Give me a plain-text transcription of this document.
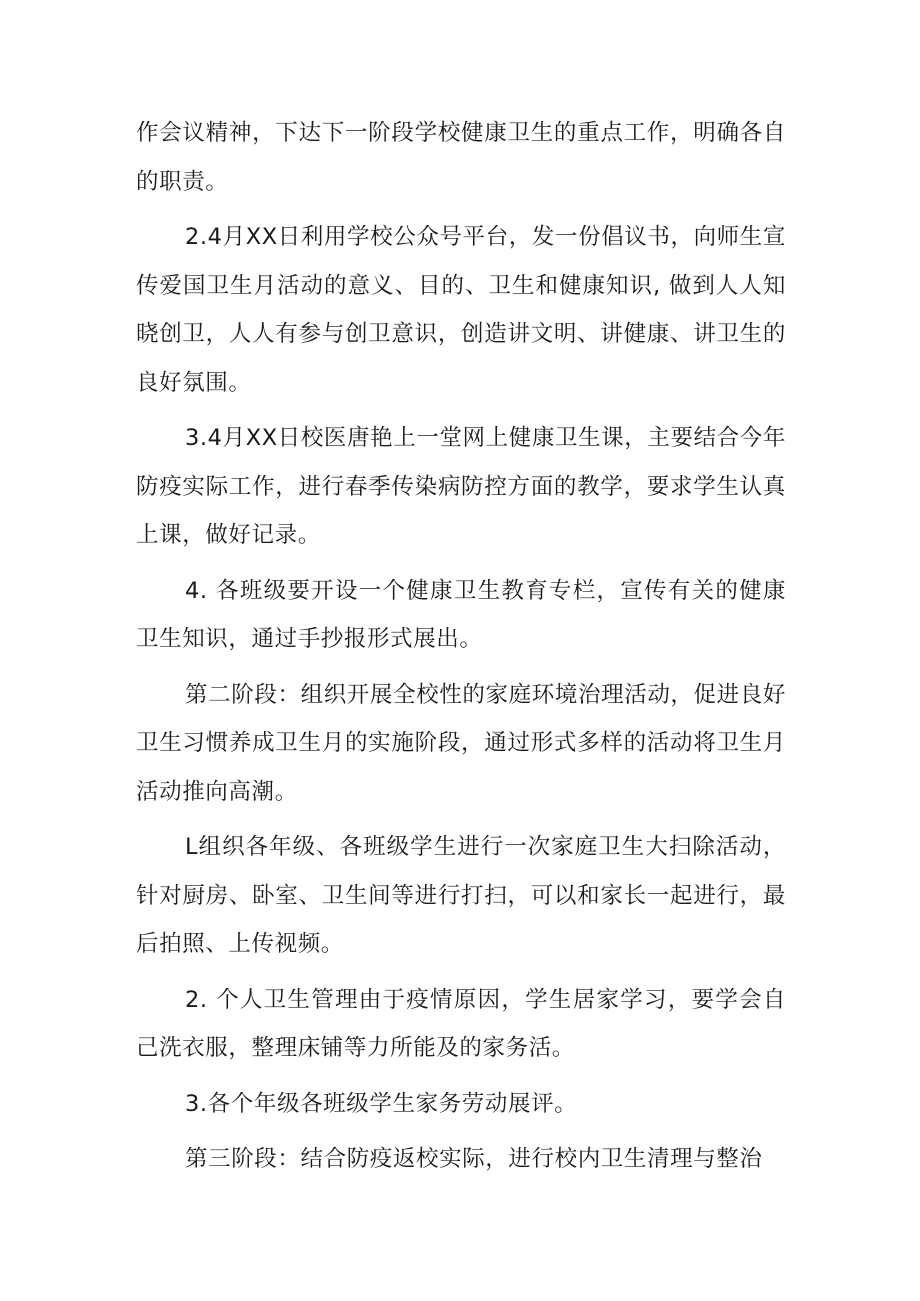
作会议精神，下达下一阶段学校健康卫生的重点工作，明确各自的职责。

2.4月XX日利用学校公众号平台，发一份倡议书，向师生宣传爱国卫生月活动的意义、目的、卫生和健康知识, 做到人人知晓创卫，人人有参与创卫意识，创造讲文明、讲健康、讲卫生的良好氛围。

3.4月XX日校医唐艳上一堂网上健康卫生课，主要结合今年防疫实际工作，进行春季传染病防控方面的教学，要求学生认真上课，做好记录。

4. 各班级要开设一个健康卫生教育专栏，宣传有关的健康卫生知识，通过手抄报形式展出。

第二阶段：组织开展全校性的家庭环境治理活动，促进良好卫生习惯养成卫生月的实施阶段，通过形式多样的活动将卫生月活动推向高潮。

L组织各年级、各班级学生进行一次家庭卫生大扫除活动，针对厨房、卧室、卫生间等进行打扫，可以和家长一起进行，最后拍照、上传视频。

2. 个人卫生管理由于疫情原因，学生居家学习，要学会自己洗衣服，整理床铺等力所能及的家务活。

3.各个年级各班级学生家务劳动展评。

第三阶段：结合防疫返校实际，进行校内卫生清理与整治
